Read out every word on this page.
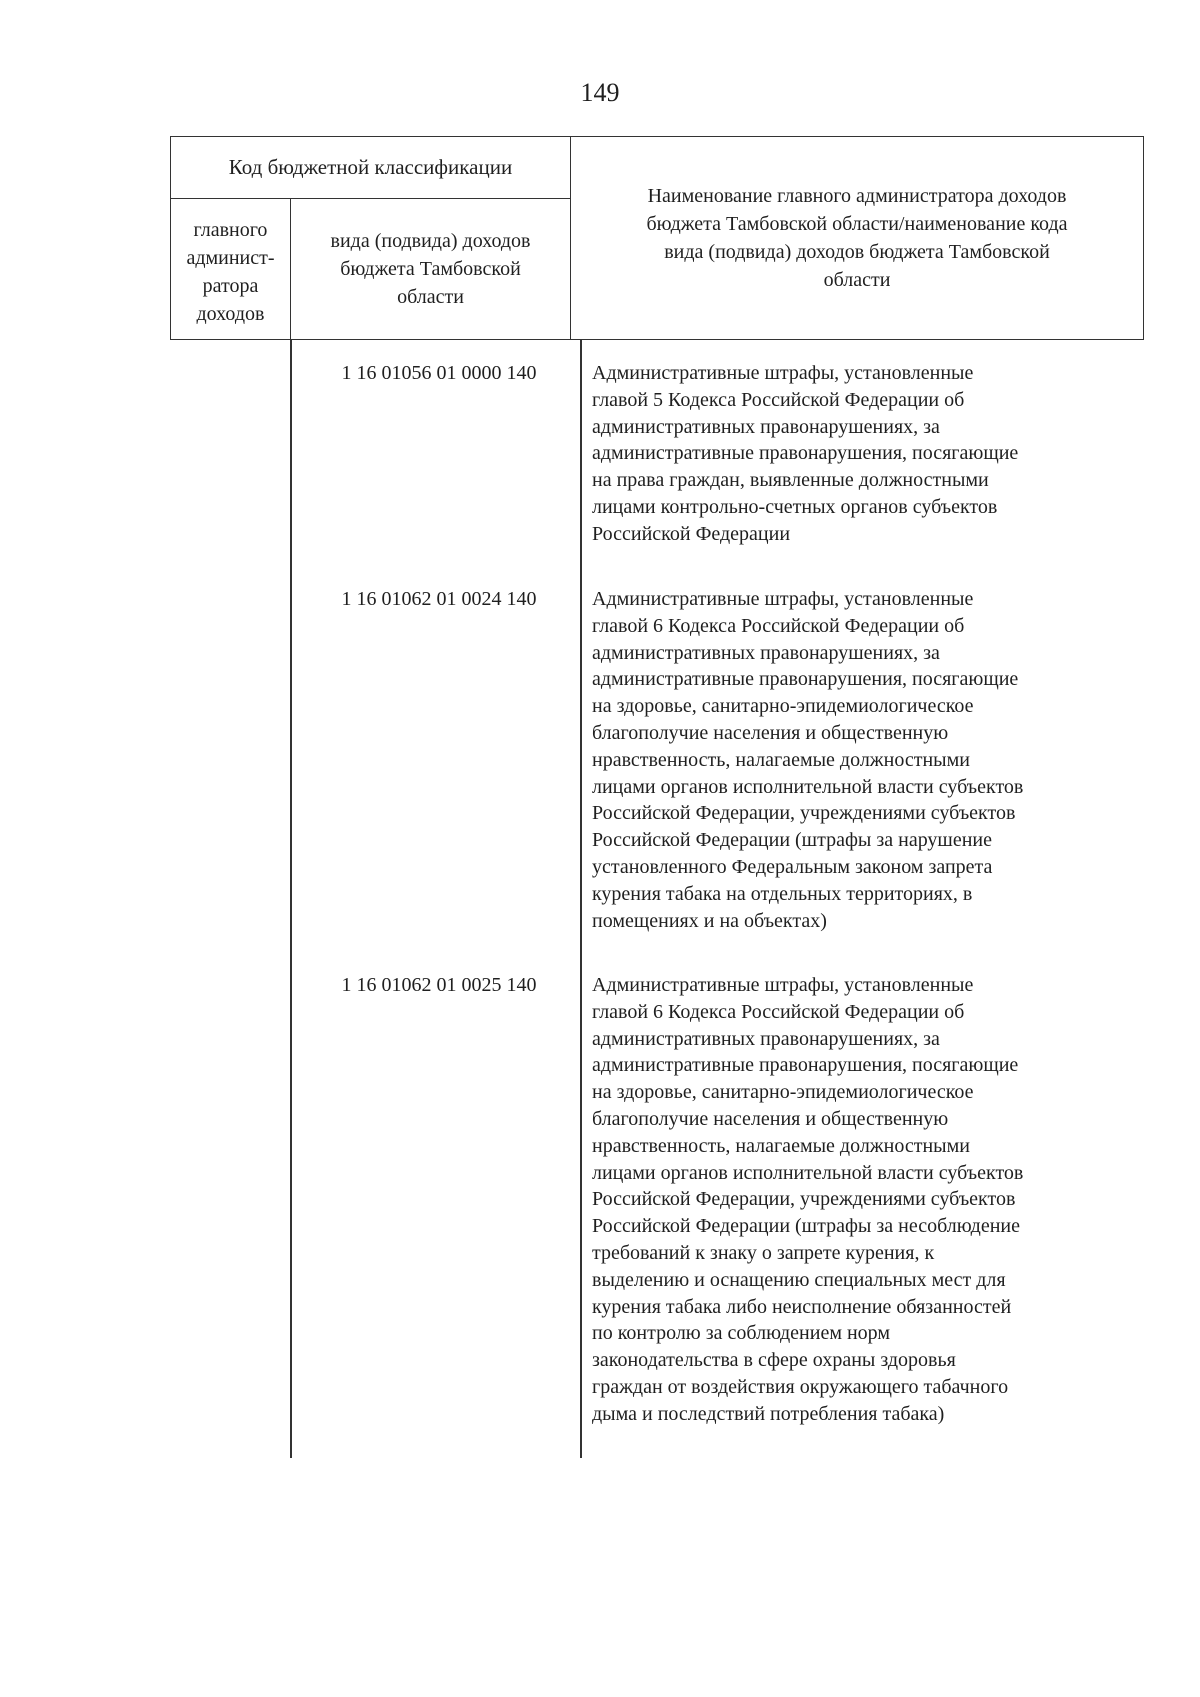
149
Код бюджетной классификации
главного
админист-
ратора
доходов
вида (подвида) доходов
бюджета Тамбовской
области
Наименование главного администратора доходов
бюджета Тамбовской области/наименование кода
вида (подвида) доходов бюджета Тамбовской
области
1 16 01056 01 0000 140	Административные штрафы, установленные
главой 5 Кодекса Российской Федерации об
административных правонарушениях, за
административные правонарушения, посягающие
на права граждан, выявленные должностными
лицами контрольно-счетных органов субъектов
Российской Федерации
1 16 01062 01 0024 140	Административные штрафы, установленные
главой 6 Кодекса Российской Федерации об
административных правонарушениях, за
административные правонарушения, посягающие
на здоровье, санитарно-эпидемиологическое
благополучие населения и общественную
нравственность, налагаемые должностными
лицами органов исполнительной власти субъектов
Российской Федерации, учреждениями субъектов
Российской Федерации (штрафы за нарушение
установленного Федеральным законом запрета
курения табака на отдельных территориях, в
помещениях и на объектах)
1 16 01062 01 0025 140	Административные штрафы, установленные
главой 6 Кодекса Российской Федерации об
административных правонарушениях, за
административные правонарушения, посягающие
на здоровье, санитарно-эпидемиологическое
благополучие населения и общественную
нравственность, налагаемые должностными
лицами органов исполнительной власти субъектов
Российской Федерации, учреждениями субъектов
Российской Федерации (штрафы за несоблюдение
требований к знаку о запрете курения, к
выделению и оснащению специальных мест для
курения табака либо неисполнение обязанностей
по контролю за соблюдением норм
законодательства в сфере охраны здоровья
граждан от воздействия окружающего табачного
дыма и последствий потребления табака)
